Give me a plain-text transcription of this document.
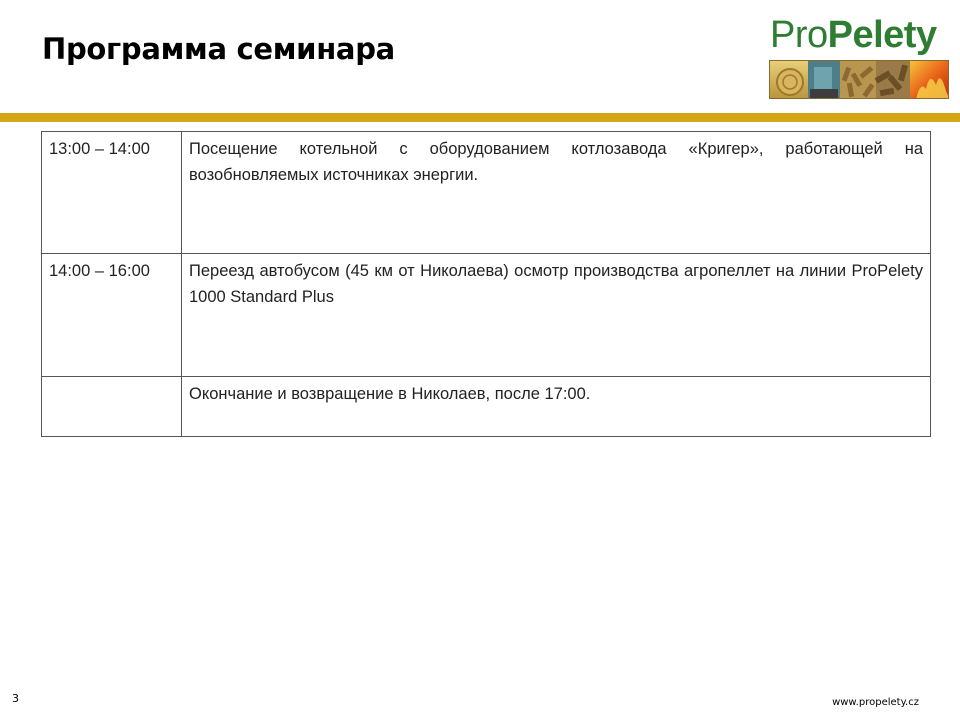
Программа семинара	ProPelety
13:00 – 14:00	Посещение котельной с оборудованием котлозавода «Кригер», работающей на возобновляемых источниках энергии.
14:00 – 16:00	Переезд автобусом (45 км от Николаева) осмотр производства агропеллет на линии ProPelety 1000 Standard Plus
	Окончание и возвращение в Николаев, после 17:00.
3	www.propelety.cz
